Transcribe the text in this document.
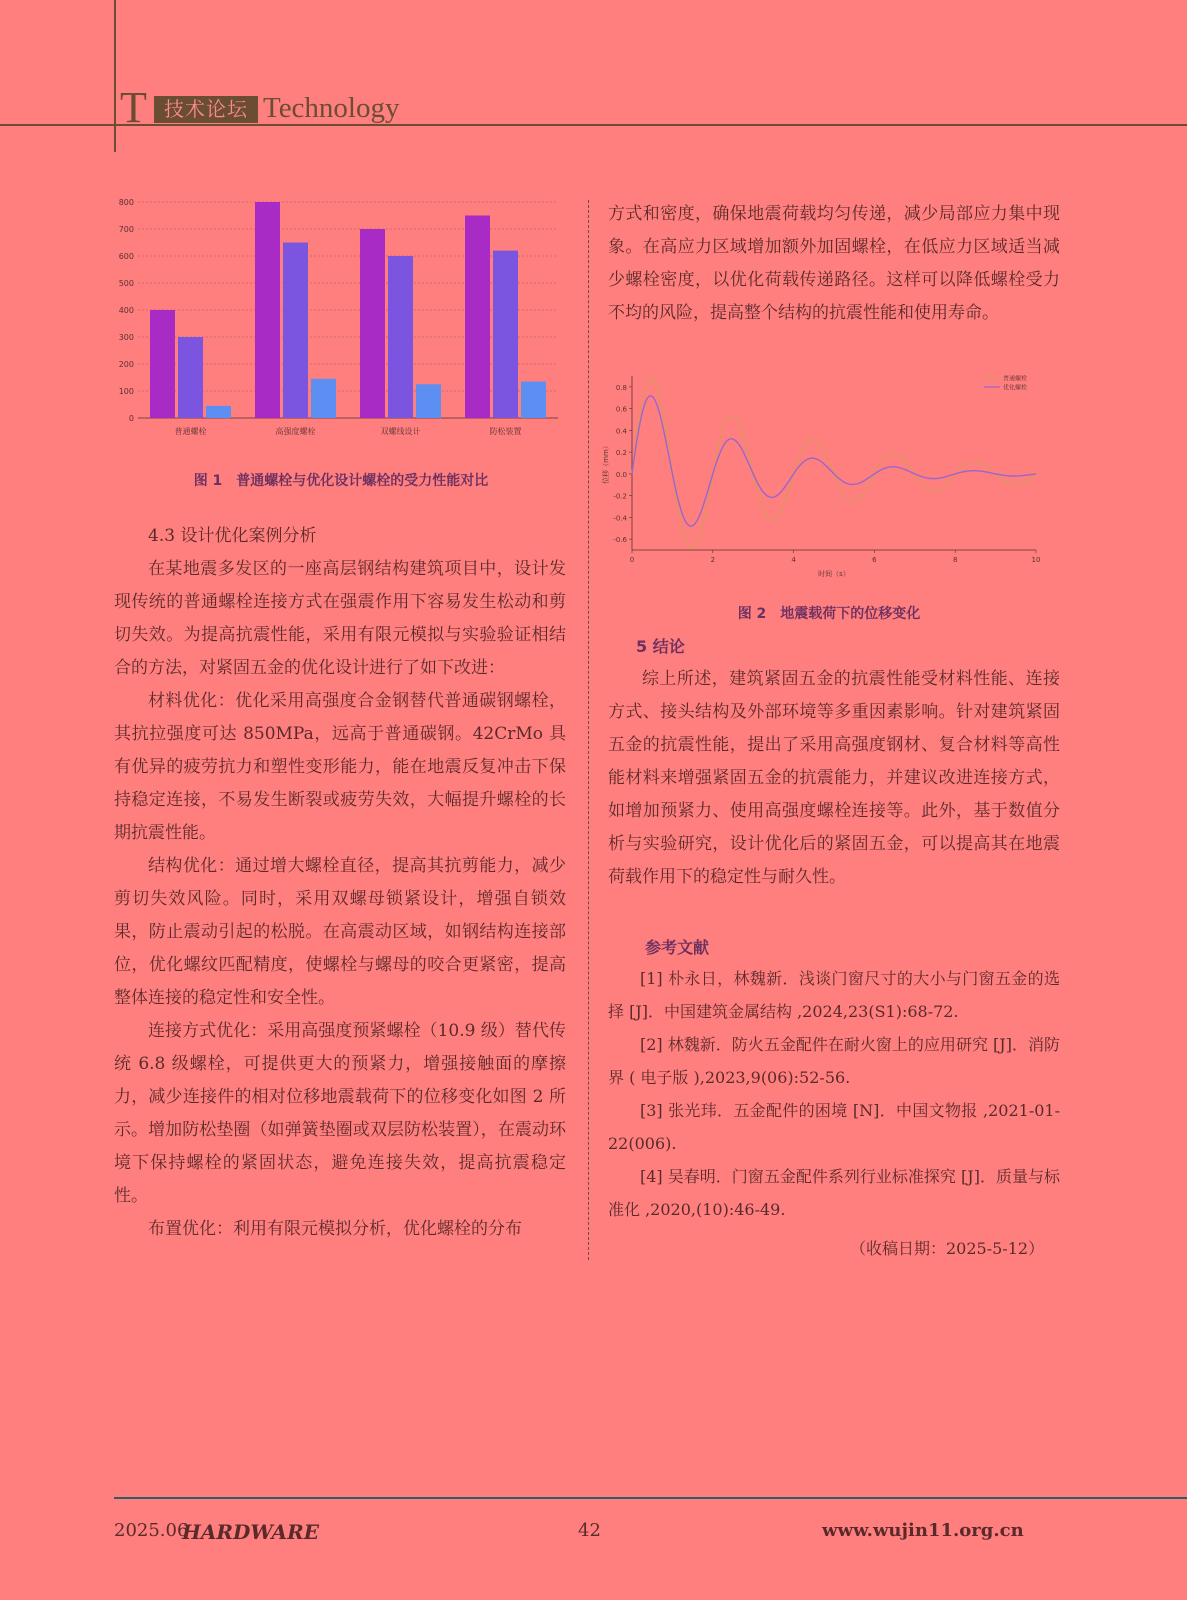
T 技术论坛 Technology
0
100
200
300
400
500
600
700
800
普通螺栓	高强度螺栓	双螺线设计	防松装置
图 1　普通螺栓与优化设计螺栓的受力性能对比

4.3 设计优化案例分析

在某地震多发区的一座高层钢结构建筑项目中，设计发现传统的普通螺栓连接方式在强震作用下容易发生松动和剪切失效。为提高抗震性能，采用有限元模拟与实验验证相结合的方法，对紧固五金的优化设计进行了如下改进：

材料优化：优化采用高强度合金钢替代普通碳钢螺栓，其抗拉强度可达 850MPa，远高于普通碳钢。42CrMo 具有优异的疲劳抗力和塑性变形能力，能在地震反复冲击下保持稳定连接，不易发生断裂或疲劳失效，大幅提升螺栓的长期抗震性能。

结构优化：通过增大螺栓直径，提高其抗剪能力，减少剪切失效风险。同时，采用双螺母锁紧设计，增强自锁效果，防止震动引起的松脱。在高震动区域，如钢结构连接部位，优化螺纹匹配精度，使螺栓与螺母的咬合更紧密，提高整体连接的稳定性和安全性。

连接方式优化：采用高强度预紧螺栓（10.9 级）替代传统 6.8 级螺栓，可提供更大的预紧力，增强接触面的摩擦力，减少连接件的相对位移地震载荷下的位移变化如图 2 所示。增加防松垫圈（如弹簧垫圈或双层防松装置），在震动环境下保持螺栓的紧固状态，避免连接失效，提高抗震稳定性。

布置优化：利用有限元模拟分析，优化螺栓的分布

方式和密度，确保地震荷载均匀传递，减少局部应力集中现象。在高应力区域增加额外加固螺栓，在低应力区域适当减少螺栓密度，以优化荷载传递路径。这样可以降低螺栓受力不均的风险，提高整个结构的抗震性能和使用寿命。

-0.6
-0.4
-0.2
0.0
0.2
0.4
0.6
0.8
0	2	4	6	8	10
时间（s）
位移（mm）
普通螺栓
优化螺栓
图 2　地震载荷下的位移变化

5 结论

综上所述，建筑紧固五金的抗震性能受材料性能、连接方式、接头结构及外部环境等多重因素影响。针对建筑紧固五金的抗震性能，提出了采用高强度钢材、复合材料等高性能材料来增强紧固五金的抗震能力，并建议改进连接方式，如增加预紧力、使用高强度螺栓连接等。此外，基于数值分析与实验研究，设计优化后的紧固五金，可以提高其在地震荷载作用下的稳定性与耐久性。

参考文献

[1] 朴永日，林魏新．浅谈门窗尺寸的大小与门窗五金的选择 [J]．中国建筑金属结构 ,2024,23(S1):68-72.

[2] 林魏新．防火五金配件在耐火窗上的应用研究 [J]．消防界 ( 电子版 ),2023,9(06):52-56.

[3] 张光玮．五金配件的困境 [N]．中国文物报 ,2021-01-22(006).

[4] 吴春明．门窗五金配件系列行业标准探究 [J]．质量与标准化 ,2020,(10):46-49.

（收稿日期：2025-5-12）
2025.06
HARDWARE	42	www.wujin11.org.cn
